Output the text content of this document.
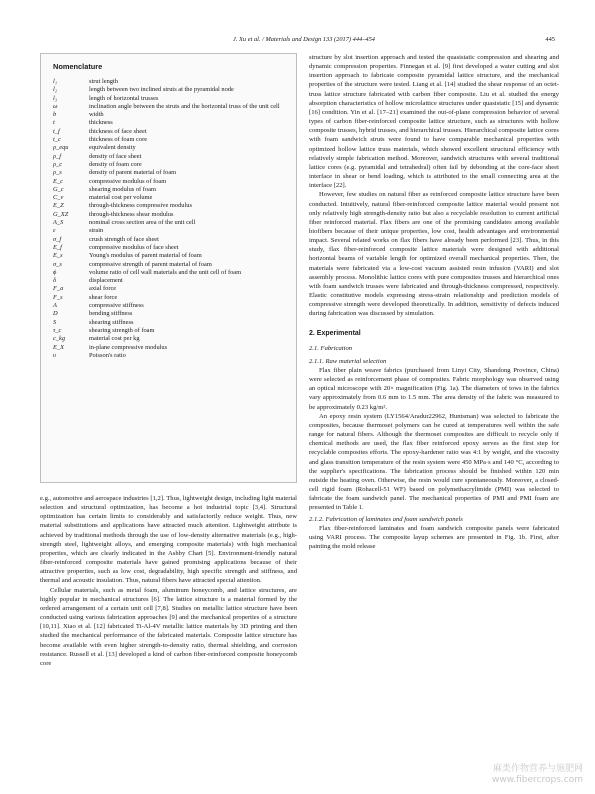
J. Xu et al. / Materials and Design 133 (2017) 444–454	445
Nomenclature
l₁	strut length
l₂	length between two inclined struts at the pyramidal node
l₃	length of horizontal trusses
ω	inclination angle between the struts and the horizontal truss of the unit cell
b	width
t	thickness
t_f	thickness of face sheet
t_c	thickness of foam core
ρ_equ	equivalent density
ρ_f	density of face sheet
ρ_c	density of foam core
ρ_s	density of parent material of foam
E_c	compressive modulus of foam
G_c	shearing modulus of foam
C_v	material cost per volume
E_Z	through-thickness compressive modulus
G_XZ	through-thickness shear modulus
A_S	nominal cross section area of the unit cell
ε	strain
σ_f	crush strength of face sheet
E_f	compressive modulus of face sheet
E_s	Young's modulus of parent material of foam
σ_s	compressive strength of parent material of foam
ϕ	volume ratio of cell wall materials and the unit cell of foam
δ	displacement
F_a	axial force
F_s	shear force
A	compressive stiffness
D	bending stiffness
S	shearing stiffness
τ_c	shearing strength of foam
c_kg	material cost per kg
E_X	in-plane compressive modulus
υ	Poisson's ratio

e.g., automotive and aerospace industries [1,2]. Thus, lightweight design, including light material selection and structural optimization, has become a hot industrial topic [3,4]. Structural optimization has certain limits to considerably and satisfactorily reduce weight. Thus, new material substitutions and applications have attracted much attention. Lightweight attribute is achieved by traditional methods through the use of low-density alternative materials (e.g., high-strength steel, lightweight alloys, and emerging composite materials) with high mechanical properties, which are clearly indicated in the Ashby Chart [5]. Environment-friendly natural fiber-reinforced composite materials have gained promising applications because of their attractive properties, such as low cost, degradability, high specific strength and stiffness, and thermal and acoustic insulation. Thus, natural fibers have attracted special attention.

Cellular materials, such as metal foam, aluminum honeycomb, and lattice structures, are highly popular in mechanical structures [6]. The lattice structure is a material formed by the ordered arrangement of a certain unit cell [7,8]. Studies on metallic lattice structure have been conducted using various fabrication approaches [9] and the mechanical properties of a structure [10,11]. Xiao et al. [12] fabricated Ti-Al-4V metallic lattice materials by 3D printing and then studied the mechanical performance of the fabricated materials. Composite lattice structure has become available with even higher strength-to-density ratio, thermal shielding, and corrosion resistance. Russell et al. [13] developed a kind of carbon fiber-reinforced composite honeycomb core

structure by slot insertion approach and tested the quasistatic compression and shearing and dynamic compression properties. Finnegan et al. [9] first developed a water cutting and slot insertion approach to fabricate composite pyramidal lattice structure, and the mechanical properties of the structure were tested. Liang et al. [14] studied the shear response of an octet-truss lattice structure fabricated with carbon fiber composite. Liu et al. studied the energy absorption characteristics of hollow microlattice structures under quasistatic [15] and dynamic [16] condition. Yin et al. [17–21] examined the out-of-plane compression behavior of several types of carbon fiber-reinforced composite lattice structure, such as structures with hollow composite trusses, hybrid trusses, and hierarchical trusses. Hierarchical composite lattice cores with foam sandwich struts were found to have comparable mechanical properties with optimized hollow lattice truss materials, which showed excellent structural efficiency with relatively simple fabrication method. Moreover, sandwich structures with several traditional lattice cores (e.g. pyramidal and tetrahedral) often fail by debonding at the core-face sheet interface in shear or bend loading, which is attributed to the small connecting area at the interface [22].

However, few studies on natural fiber as reinforced composite lattice structure have been conducted. Intuitively, natural fiber-reinforced composite lattice material would present not only relatively high strength-density ratio but also a recyclable resolution to current artificial fiber reinforced material. Flax fibers are one of the promising candidates among available biofibers because of their unique properties, low cost, health advantages and environmental impact. Several related works on flax fibers have already been performed [23]. Thus, in this study, flax fiber-reinforced composite lattice materials were designed with additional horizontal beams of variable length for optimized overall mechanical properties. Then, the materials were fabricated via a low-cost vacuum assisted resin infusion (VARI) and slot assembly process. Monolithic lattice cores with pure composites trusses and hierarchical ones with foam sandwich trusses were fabricated and through-thickness compressed, respectively. Elastic constitutive models expressing stress-strain relationship and prediction models of compressive strength were developed theoretically. In addition, sensitivity of defects induced during fabrication was discussed by simulation.

2. Experimental
2.1. Fabrication
2.1.1. Raw material selection

Flax fiber plain weave fabrics (purchased from Linyi City, Shandong Province, China) were selected as reinforcement phase of composites. Fabric morphology was observed using an optical microscope with 20× magnification (Fig. 1a). The diameters of tows in the fabrics vary approximately from 0.6 mm to 1.5 mm. The area density of the fabric was measured to be approximately 0.23 kg/m².

An epoxy resin system (LY1564/Aradur22962, Huntsman) was selected to fabricate the composites, because thermoset polymers can be cured at temperatures well within the safe range for natural fibers. Although the thermoset composites are difficult to recycle only if chemical methods are used, the flax fiber reinforced epoxy serves as the first step for recyclable composites efforts. The epoxy-hardener ratio was 4:1 by weight, and the viscosity and glass transition temperature of the resin system were 450 MPa·s and 140 °C, according to the supplier's specifications. The fabrication process should be finished within 120 min outside the heating oven. Otherwise, the resin would cure spontaneously. Moreover, a closed-cell rigid foam (Rohacell-51 WF) based on polymethacrylimide (PMI) was selected to fabricate the foam sandwich panel. The mechanical properties of PMI and PMI foam are presented in Table 1.

2.1.2. Fabrication of laminates and foam sandwich panels

Flax fiber-reinforced laminates and foam sandwich composite panels were fabricated using VARI process. The composite layup schemes are presented in Fig. 1b. First, after painting the mold release

麻类作物营养与施肥网
www.fibercrops.com
